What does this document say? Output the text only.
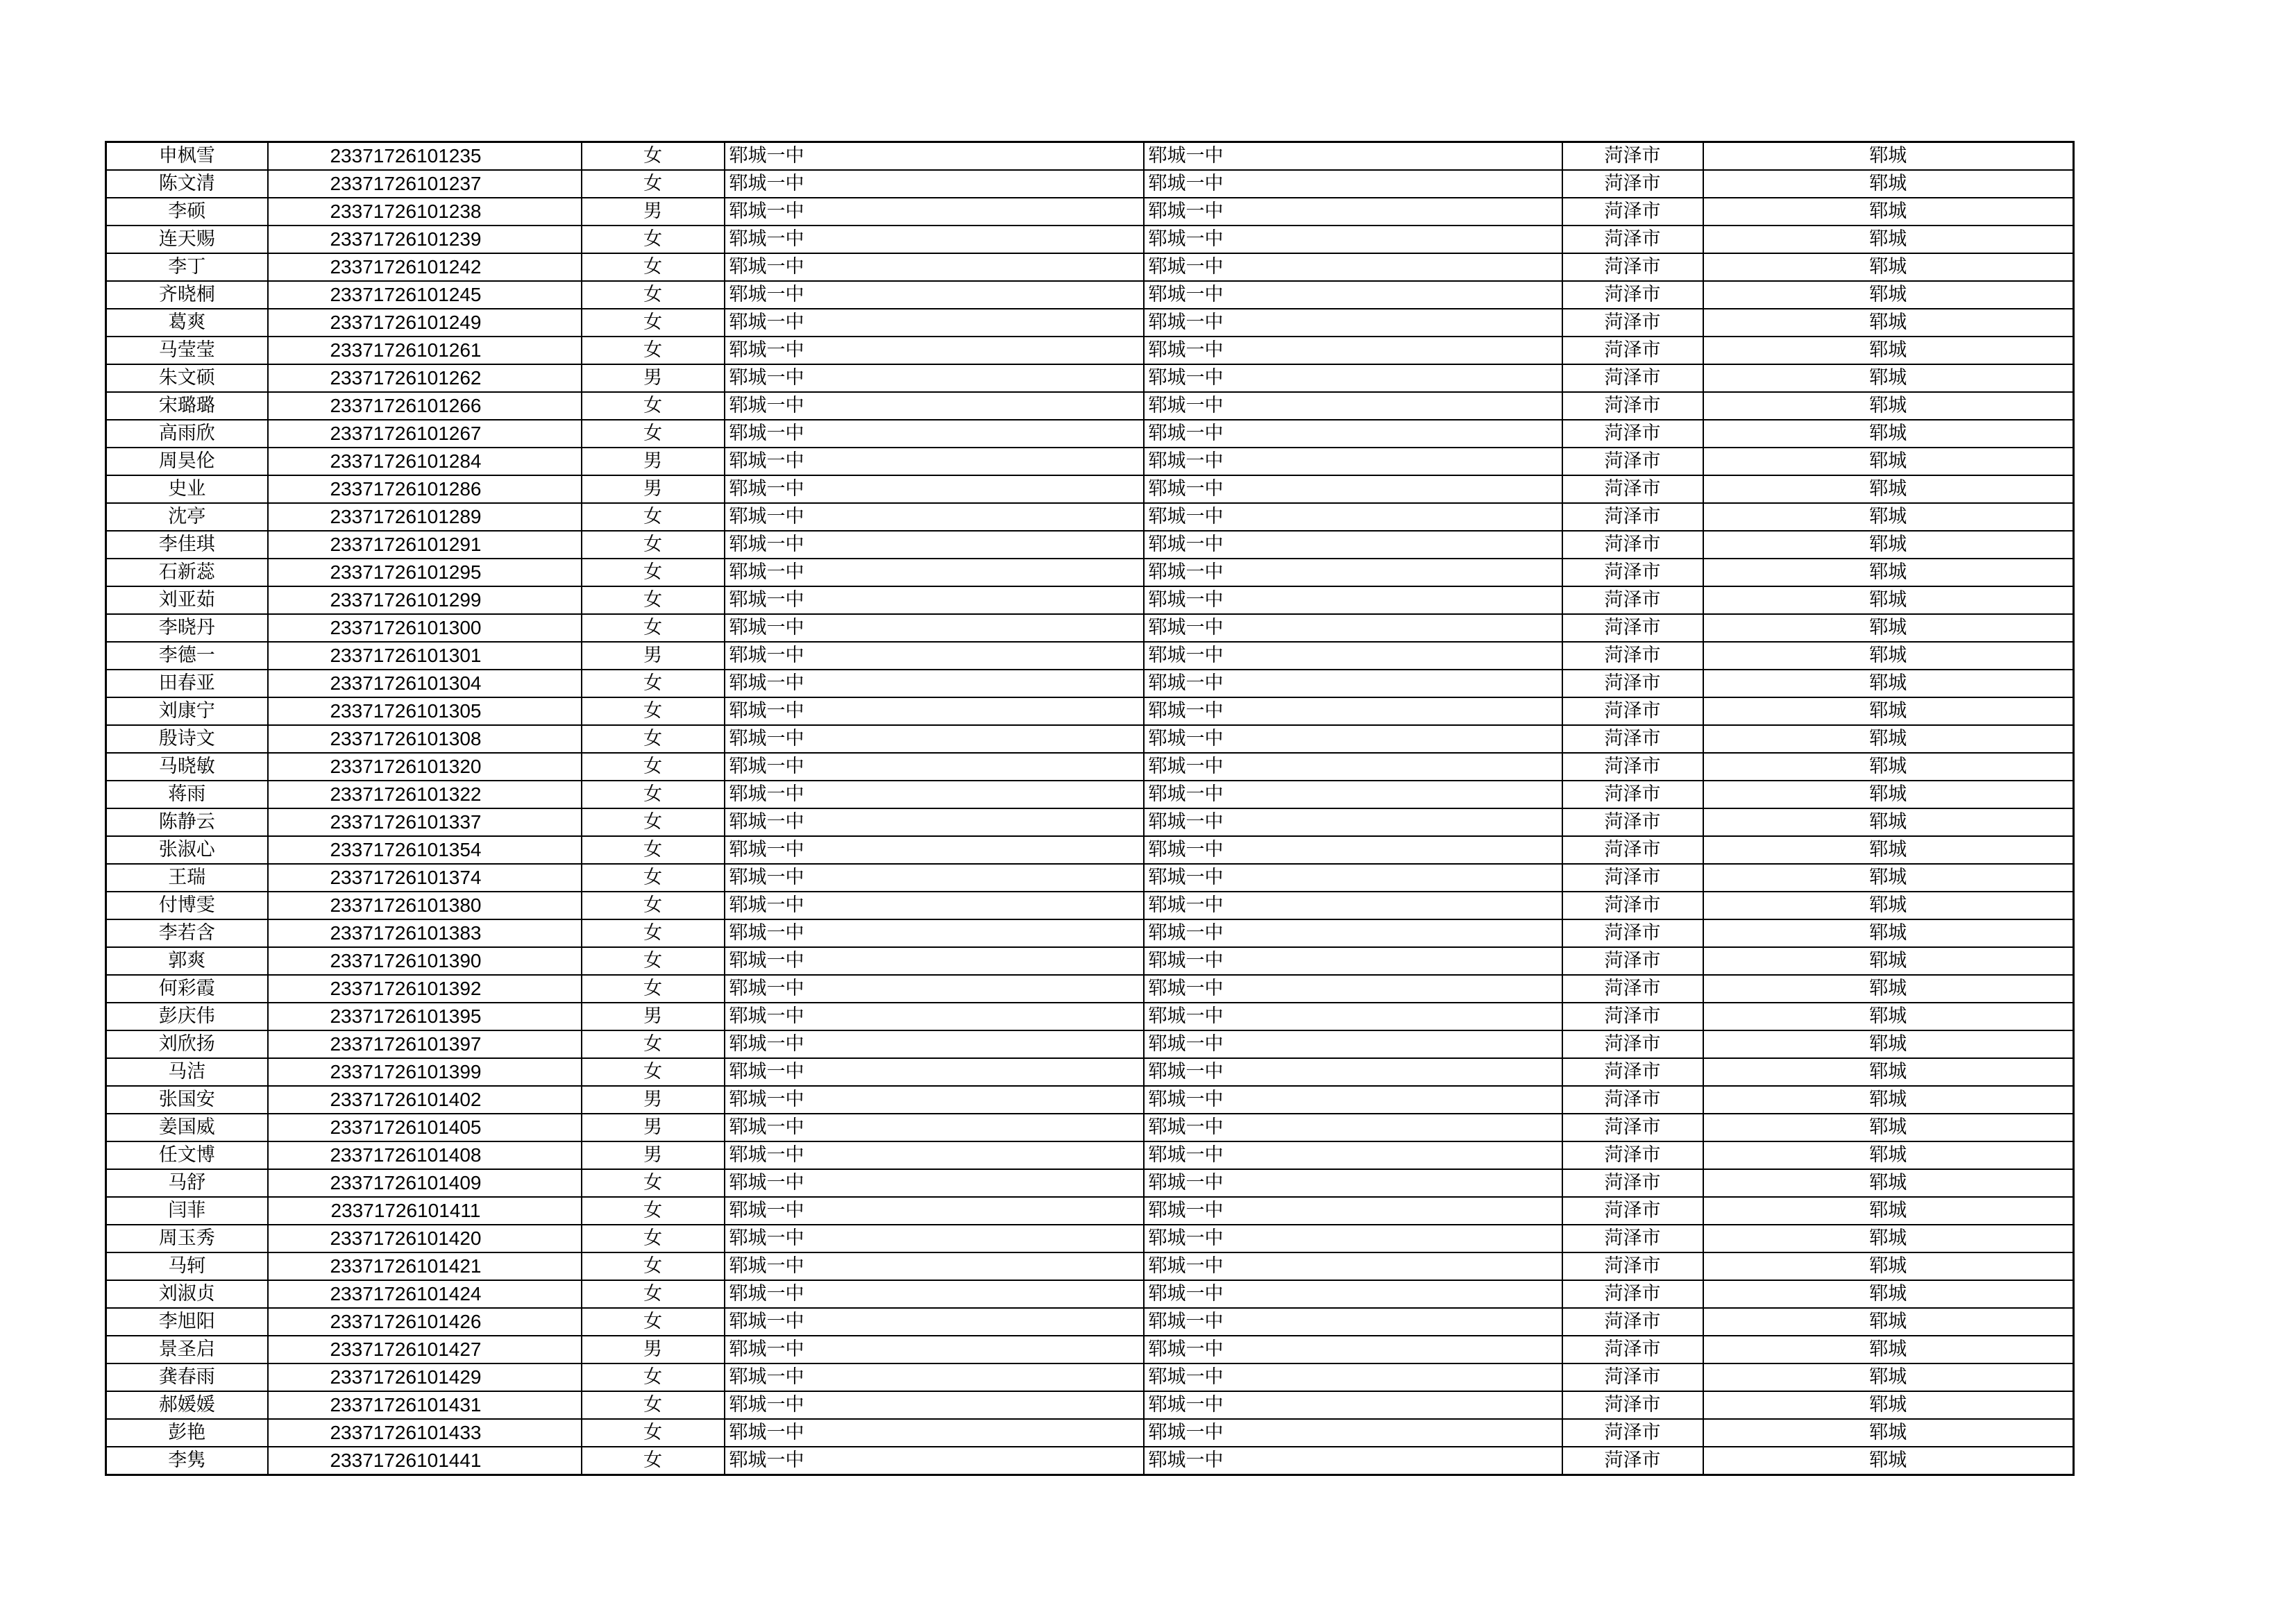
申枫雪	23371726101235	女	郓城一中	郓城一中	菏泽市	郓城
陈文清	23371726101237	女	郓城一中	郓城一中	菏泽市	郓城
李硕	23371726101238	男	郓城一中	郓城一中	菏泽市	郓城
连天赐	23371726101239	女	郓城一中	郓城一中	菏泽市	郓城
李丁	23371726101242	女	郓城一中	郓城一中	菏泽市	郓城
齐晓桐	23371726101245	女	郓城一中	郓城一中	菏泽市	郓城
葛爽	23371726101249	女	郓城一中	郓城一中	菏泽市	郓城
马莹莹	23371726101261	女	郓城一中	郓城一中	菏泽市	郓城
朱文硕	23371726101262	男	郓城一中	郓城一中	菏泽市	郓城
宋璐璐	23371726101266	女	郓城一中	郓城一中	菏泽市	郓城
高雨欣	23371726101267	女	郓城一中	郓城一中	菏泽市	郓城
周昊伦	23371726101284	男	郓城一中	郓城一中	菏泽市	郓城
史业	23371726101286	男	郓城一中	郓城一中	菏泽市	郓城
沈亭	23371726101289	女	郓城一中	郓城一中	菏泽市	郓城
李佳琪	23371726101291	女	郓城一中	郓城一中	菏泽市	郓城
石新蕊	23371726101295	女	郓城一中	郓城一中	菏泽市	郓城
刘亚茹	23371726101299	女	郓城一中	郓城一中	菏泽市	郓城
李晓丹	23371726101300	女	郓城一中	郓城一中	菏泽市	郓城
李德一	23371726101301	男	郓城一中	郓城一中	菏泽市	郓城
田春亚	23371726101304	女	郓城一中	郓城一中	菏泽市	郓城
刘康宁	23371726101305	女	郓城一中	郓城一中	菏泽市	郓城
殷诗文	23371726101308	女	郓城一中	郓城一中	菏泽市	郓城
马晓敏	23371726101320	女	郓城一中	郓城一中	菏泽市	郓城
蒋雨	23371726101322	女	郓城一中	郓城一中	菏泽市	郓城
陈静云	23371726101337	女	郓城一中	郓城一中	菏泽市	郓城
张淑心	23371726101354	女	郓城一中	郓城一中	菏泽市	郓城
王瑞	23371726101374	女	郓城一中	郓城一中	菏泽市	郓城
付博雯	23371726101380	女	郓城一中	郓城一中	菏泽市	郓城
李若含	23371726101383	女	郓城一中	郓城一中	菏泽市	郓城
郭爽	23371726101390	女	郓城一中	郓城一中	菏泽市	郓城
何彩霞	23371726101392	女	郓城一中	郓城一中	菏泽市	郓城
彭庆伟	23371726101395	男	郓城一中	郓城一中	菏泽市	郓城
刘欣扬	23371726101397	女	郓城一中	郓城一中	菏泽市	郓城
马洁	23371726101399	女	郓城一中	郓城一中	菏泽市	郓城
张国安	23371726101402	男	郓城一中	郓城一中	菏泽市	郓城
姜国威	23371726101405	男	郓城一中	郓城一中	菏泽市	郓城
任文博	23371726101408	男	郓城一中	郓城一中	菏泽市	郓城
马舒	23371726101409	女	郓城一中	郓城一中	菏泽市	郓城
闫菲	23371726101411	女	郓城一中	郓城一中	菏泽市	郓城
周玉秀	23371726101420	女	郓城一中	郓城一中	菏泽市	郓城
马轲	23371726101421	女	郓城一中	郓城一中	菏泽市	郓城
刘淑贞	23371726101424	女	郓城一中	郓城一中	菏泽市	郓城
李旭阳	23371726101426	女	郓城一中	郓城一中	菏泽市	郓城
景圣启	23371726101427	男	郓城一中	郓城一中	菏泽市	郓城
龚春雨	23371726101429	女	郓城一中	郓城一中	菏泽市	郓城
郝媛媛	23371726101431	女	郓城一中	郓城一中	菏泽市	郓城
彭艳	23371726101433	女	郓城一中	郓城一中	菏泽市	郓城
李隽	23371726101441	女	郓城一中	郓城一中	菏泽市	郓城
